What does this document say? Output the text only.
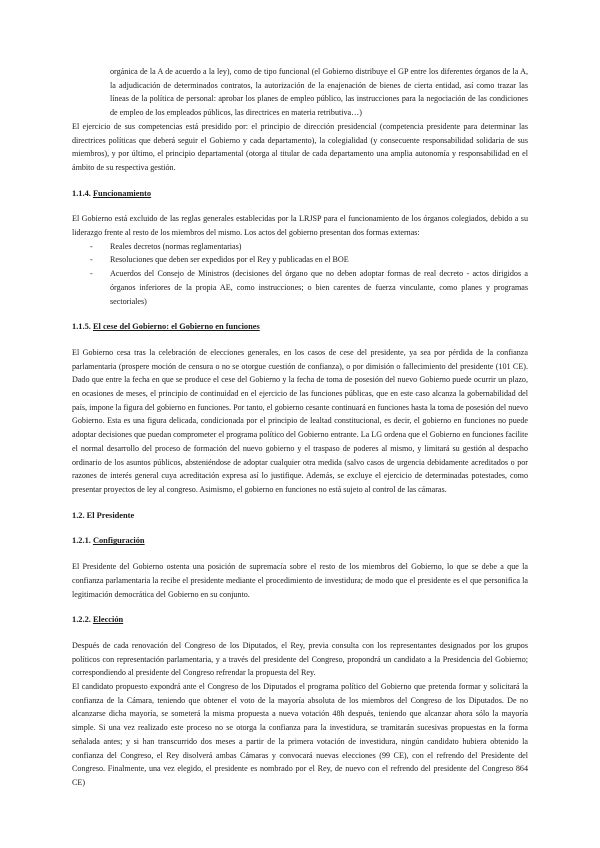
orgánica de la A de acuerdo a la ley), como de tipo funcional (el Gobierno distribuye el GP entre los diferentes órganos de la A, la adjudicación de determinados contratos, la autorización de la enajenación de bienes de cierta entidad, así como trazar las líneas de la política de personal: aprobar los planes de empleo público, las instrucciones para la negociación de las condiciones de empleo de los empleados públicos, las directrices en materia retributiva…)

El ejercicio de sus competencias está presidido por: el principio de dirección presidencial (competencia presidente para determinar las directrices políticas que deberá seguir el Gobierno y cada departamento), la colegialidad (y consecuente responsabilidad solidaria de sus miembros), y por último, el principio departamental (otorga al titular de cada departamento una amplia autonomía y responsabilidad en el ámbito de su respectiva gestión.

1.1.4. Funcionamiento

El Gobierno está excluido de las reglas generales establecidas por la LRJSP para el funcionamiento de los órganos colegiados, debido a su liderazgo frente al resto de los miembros del mismo. Los actos del gobierno presentan dos formas externas:

- Reales decretos (normas reglamentarias)
- Resoluciones que deben ser expedidos por el Rey y publicadas en el BOE
- Acuerdos del Consejo de Ministros (decisiones del órgano que no deben adoptar formas de real decreto - actos dirigidos a órganos inferiores de la propia AE, como instrucciones; o bien carentes de fuerza vinculante, como planes y programas sectoriales)
1.1.5. El cese del Gobierno: el Gobierno en funciones

El Gobierno cesa tras la celebración de elecciones generales, en los casos de cese del presidente, ya sea por pérdida de la confianza parlamentaria (prospere moción de censura o no se otorgue cuestión de confianza), o por dimisión o fallecimiento del presidente (101 CE). Dado que entre la fecha en que se produce el cese del Gobierno y la fecha de toma de posesión del nuevo Gobierno puede ocurrir un plazo, en ocasiones de meses, el principio de continuidad en el ejercicio de las funciones públicas, que en este caso alcanza la gobernabilidad del país, impone la figura del gobierno en funciones. Por tanto, el gobierno cesante continuará en funciones hasta la toma de posesión del nuevo Gobierno. Esta es una figura delicada, condicionada por el principio de lealtad constitucional, es decir, el gobierno en funciones no puede adoptar decisiones que puedan comprometer el programa político del Gobierno entrante. La LG ordena que el Gobierno en funciones facilite el normal desarrollo del proceso de formación del nuevo gobierno y el traspaso de poderes al mismo, y limitará su gestión al despacho ordinario de los asuntos públicos, absteniéndose de adoptar cualquier otra medida (salvo casos de urgencia debidamente acreditados o por razones de interés general cuya acreditación expresa así lo justifique. Además, se excluye el ejercicio de determinadas potestades, como presentar proyectos de ley al congreso. Asimismo, el gobierno en funciones no está sujeto al control de las cámaras.

1.2. El Presidente
1.2.1. Configuración

El Presidente del Gobierno ostenta una posición de supremacía sobre el resto de los miembros del Gobierno, lo que se debe a que la confianza parlamentaria la recibe el presidente mediante el procedimiento de investidura; de modo que el presidente es el que personifica la legitimación democrática del Gobierno en su conjunto.

1.2.2. Elección

Después de cada renovación del Congreso de los Diputados, el Rey, previa consulta con los representantes designados por los grupos políticos con representación parlamentaria, y a través del presidente del Congreso, propondrá un candidato a la Presidencia del Gobierno; correspondiendo al presidente del Congreso refrendar la propuesta del Rey.

El candidato propuesto expondrá ante el Congreso de los Diputados el programa político del Gobierno que pretenda formar y solicitará la confianza de la Cámara, teniendo que obtener el voto de la mayoría absoluta de los miembros del Congreso de los Diputados. De no alcanzarse dicha mayoría, se someterá la misma propuesta a nueva votación 48h después, teniendo que alcanzar ahora sólo la mayoría simple. Si una vez realizado este proceso no se otorga la confianza para la investidura, se tramitarán sucesivas propuestas en la forma señalada antes; y si han transcurrido dos meses a partir de la primera votación de investidura, ningún candidato hubiera obtenido la confianza del Congreso, el Rey disolverá ambas Cámaras y convocará nuevas elecciones (99 CE), con el refrendo del Presidente del Congreso. Finalmente, una vez elegido, el presidente es nombrado por el Rey, de nuevo con el refrendo del presidente del Congreso 864 CE)
